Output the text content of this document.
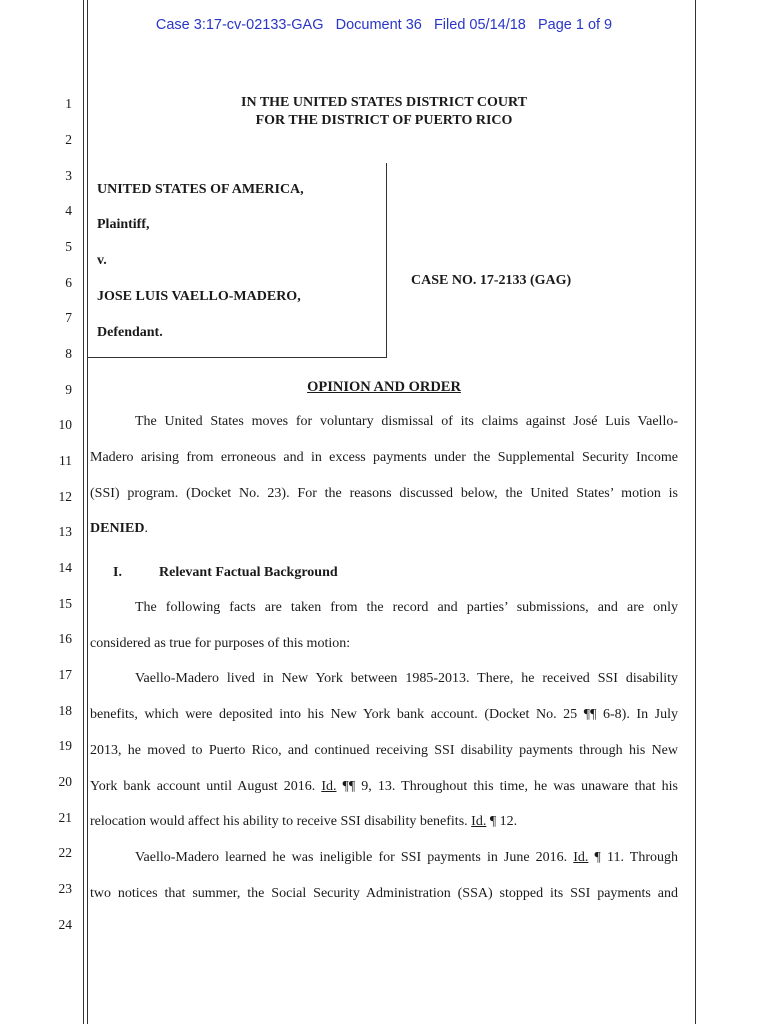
Case 3:17-cv-02133-GAG Document 36 Filed 05/14/18 Page 1 of 9
1
2
3
4
5
6
7
8
9
10
11
12
13
14
15
16
17
18
19
20
21
22
23
24
IN THE UNITED STATES DISTRICT COURT
FOR THE DISTRICT OF PUERTO RICO
UNITED STATES OF AMERICA,
Plaintiff,
v.
JOSE LUIS VAELLO-MADERO,
Defendant.
CASE NO. 17-2133 (GAG)
OPINION AND ORDER
The United States moves for voluntary dismissal of its claims against José Luis Vaello-
Madero arising from erroneous and in excess payments under the Supplemental Security Income
(SSI) program. (Docket No. 23). For the reasons discussed below, the United States’ motion is
DENIED.
I.	Relevant Factual Background
The following facts are taken from the record and parties’ submissions, and are only
considered as true for purposes of this motion:
Vaello-Madero lived in New York between 1985-2013. There, he received SSI disability
benefits, which were deposited into his New York bank account. (Docket No. 25 ¶¶ 6-8). In July
2013, he moved to Puerto Rico, and continued receiving SSI disability payments through his New
York bank account until August 2016. Id. ¶¶ 9, 13. Throughout this time, he was unaware that his
relocation would affect his ability to receive SSI disability benefits. Id. ¶ 12.
Vaello-Madero learned he was ineligible for SSI payments in June 2016. Id. ¶ 11. Through
two notices that summer, the Social Security Administration (SSA) stopped its SSI payments and
